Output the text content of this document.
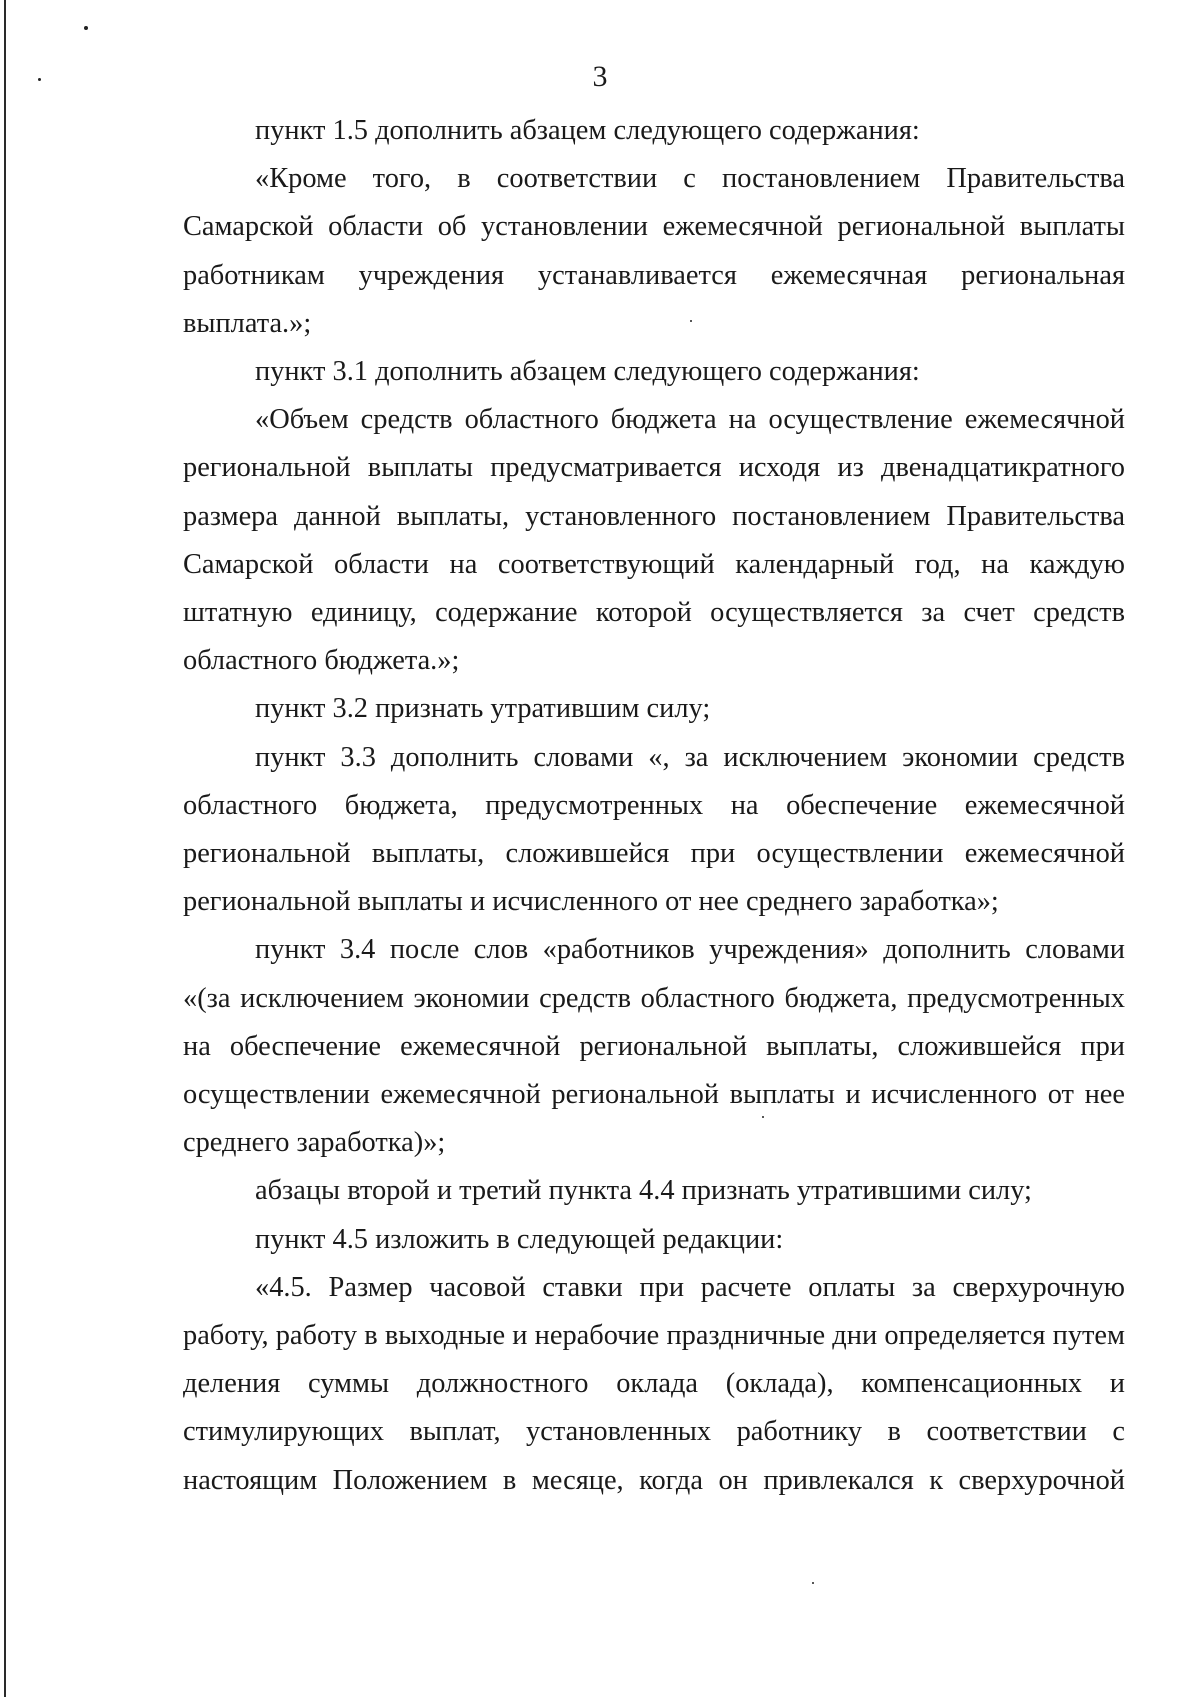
3

пункт 1.5 дополнить абзацем следующего содержания:

«Кроме того, в соответствии с постановлением Правительства Самарской области об установлении ежемесячной региональной выплаты работникам учреждения устанавливается ежемесячная региональная выплата.»;

пункт 3.1 дополнить абзацем следующего содержания:

«Объем средств областного бюджета на осуществление ежемесячной региональной выплаты предусматривается исходя из двенадцатикратного размера данной выплаты, установленного постановлением Правительства Самарской области на соответствующий календарный год, на каждую штатную единицу, содержание которой осуществляется за счет средств областного бюджета.»;

пункт 3.2 признать утратившим силу;

пункт 3.3 дополнить словами «, за исключением экономии средств областного бюджета, предусмотренных на обеспечение ежемесячной региональной выплаты, сложившейся при осуществлении ежемесячной региональной выплаты и исчисленного от нее среднего заработка»;

пункт 3.4 после слов «работников учреждения» дополнить словами «(за исключением экономии средств областного бюджета, предусмотренных на обеспечение ежемесячной региональной выплаты, сложившейся при осуществлении ежемесячной региональной выплаты и исчисленного от нее среднего заработка)»;

абзацы второй и третий пункта 4.4 признать утратившими силу;

пункт 4.5 изложить в следующей редакции:

«4.5. Размер часовой ставки при расчете оплаты за сверхурочную работу, работу в выходные и нерабочие праздничные дни определяется путем деления суммы должностного оклада (оклада), компенсационных и стимулирующих выплат, установленных работнику в соответствии с настоящим Положением в месяце, когда он привлекался к сверхурочной
